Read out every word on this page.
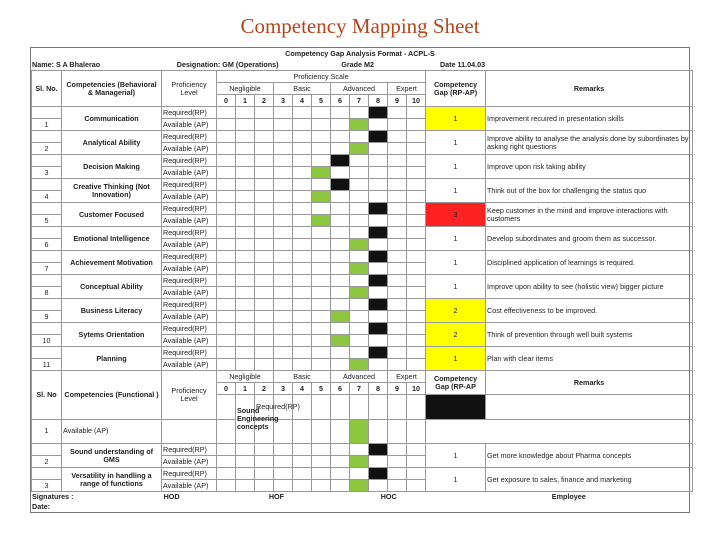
Competency Mapping Sheet
Competency Gap Analysis Format - ACPL-S
Name: S A Bhalerao	Designation: GM (Operations)	Grade M2	Date 11.04.03
Sl. No.	Competencies (Behavioral & Managerial)	Proficiency Level	Proficiency Scale											Competency Gap (RP-AP)	Remarks	
			Negligible			Basic			Advanced			Expert				
			0	1	2	3	4	5	6	7	8	9	10			
	Communication	Required(RP)												1	Improvement recuired in presentation skills	
1		Available (AP)														
	Analytical Ability	Required(RP)												1	Improve ability to analyse the analysis done by subordinates by asking right questions	
2		Available (AP)														
	Decision Making	Required(RP)												1	Improve upon risk taking ability	
3		Available (AP)														
	Creative Thinking (Not Innovation)	Required(RP)												1	Think out of the box for challenging the status quo	
4		Available (AP)														
	Customer Focused	Required(RP)												3	Keep customer in the mind and improve interactions with customers	
5		Available (AP)														
	Emotional Intelligence	Required(RP)												1	Develop subordinates and groom them as successor.	
6		Available (AP)														
	Achievement Motivation	Required(RP)												1	Disciplined application of learnings is required.	
7		Available (AP)														
	Conceptual Ability	Required(RP)												1	Improve upon ability to see (holistic view) bigger picture	
8		Available (AP)														
	Business Literacy	Required(RP)												2	Cost effectiveness to be improved.	
9		Available (AP)														
	Sytems Orientation	Required(RP)												2	Think of prevention through well built systems	
10		Available (AP)														
	Planning	Required(RP)												1	Plan with clear items	
11		Available (AP)														
Sl. No	Competencies (Functional )	Proficiency Level	Negligible			Basic			Advanced			Expert		Competency Gap (RP-AP	Remarks	
			0	1	2	3	4	5	6	7	8	9	10			
				Sound Engineering concepts	Required(RP)													
1	Available (AP)															
	Sound understanding of GMS	Required(RP)												1	Get more knowledge about Pharma concepts	
2		Available (AP)														
	Versatility in handling a range of functions	Required(RP)												1	Get exposure to sales, finance and marketing	
3		Available (AP)														
Signatures :	HOD	HOF	HOC	Employee
Date:				
